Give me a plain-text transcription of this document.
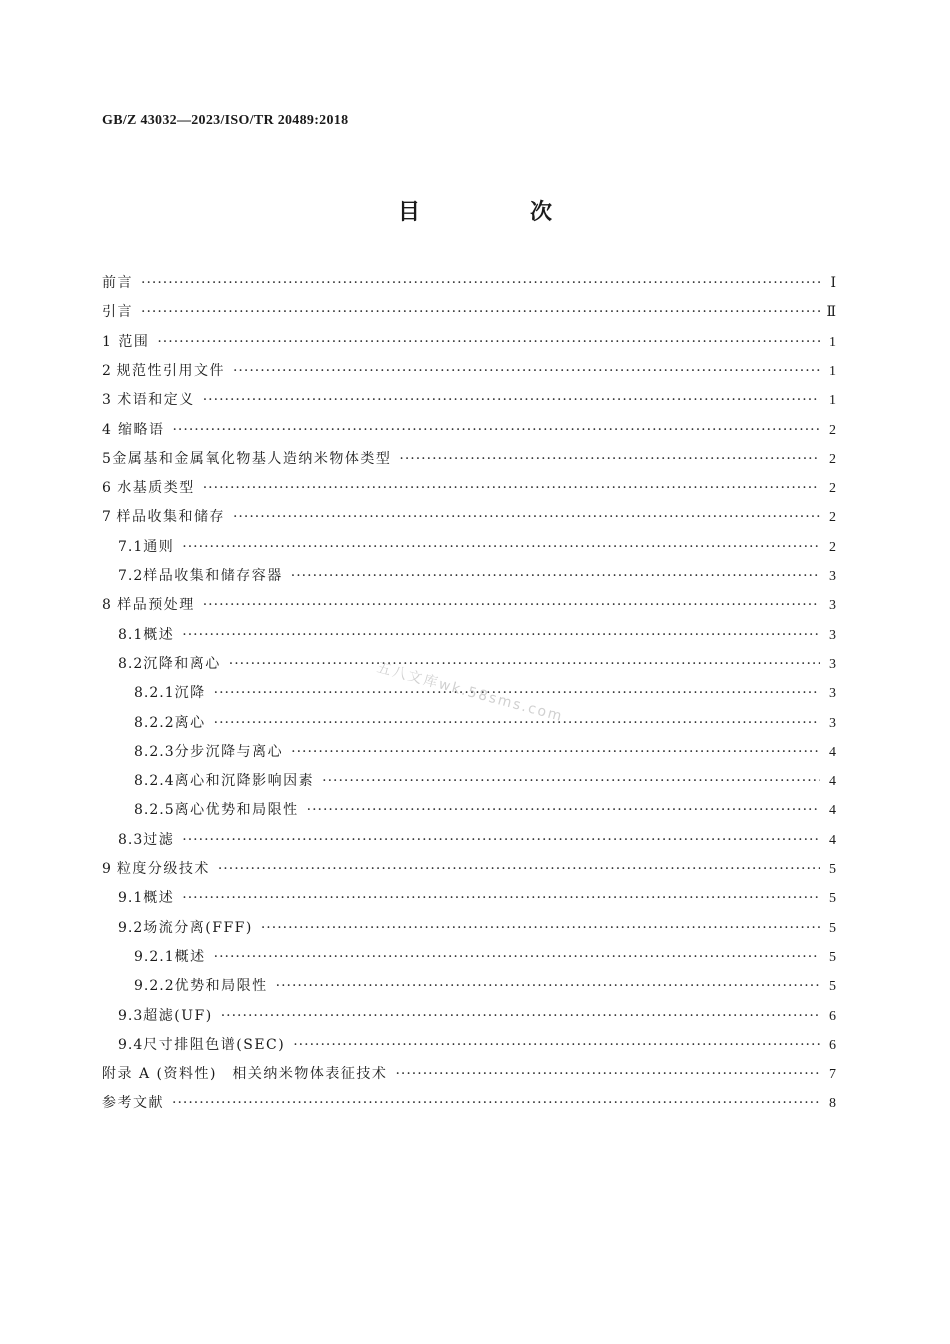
GB/Z 43032—2023/ISO/TR 20489:2018
目　次
前言 ·····	Ⅰ
引言 ·····	Ⅱ
1 范围 ·····	1
2 规范性引用文件 ·····	1
3 术语和定义 ·····	1
4 缩略语 ·····	2
5 金属基和金属氧化物基人造纳米物体类型 ·····	2
6 水基质类型 ·····	2
7 样品收集和储存 ·····	2
7.1 通则 ·····	2
7.2 样品收集和储存容器 ·····	3
8 样品预处理 ·····	3
8.1 概述 ·····	3
8.2 沉降和离心 ·····	3
8.2.1 沉降 ·····	3
8.2.2 离心 ·····	3
8.2.3 分步沉降与离心 ·····	4
8.2.4 离心和沉降影响因素 ·····	4
8.2.5 离心优势和局限性 ·····	4
8.3 过滤 ·····	4
9 粒度分级技术 ·····	5
9.1 概述 ·····	5
9.2 场流分离(FFF) ·····	5
9.2.1 概述 ·····	5
9.2.2 优势和局限性 ·····	5
9.3 超滤(UF) ·····	6
9.4 尺寸排阻色谱(SEC) ·····	6
附录 A (资料性)　相关纳米物体表征技术 ·····	7
参考文献 ·····	8
五八文库wk.58sms.com
